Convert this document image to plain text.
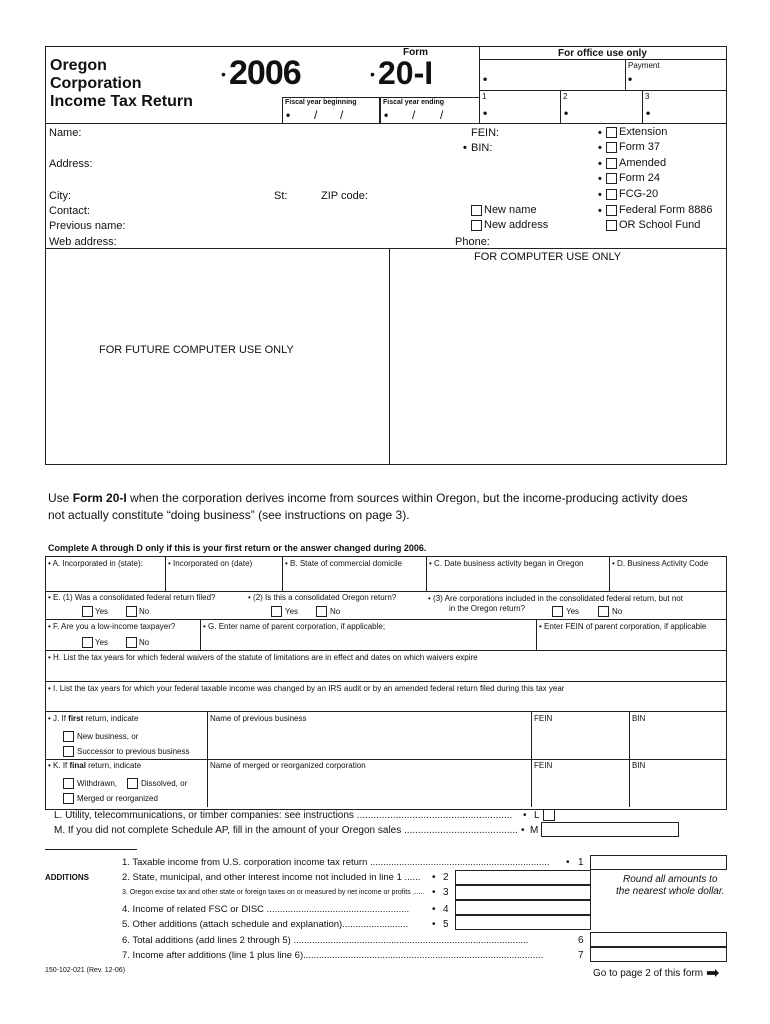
Oregon
Corporation
Income Tax Return
• 2006
Form
• 20-I
Fiscal year beginning
• / /
Fiscal year ending
• / /
For office use only
Payment
•	•
1	2	3
•	•	•
Name:
Address:
City:	St:	ZIP code:
Contact:
Previous name:
Web address:
FEIN:
• BIN:
Phone:
New name
New address
• Extension
• Form 37
• Amended
• Form 24
• FCG-20
• Federal Form 8886
OR School Fund
FOR COMPUTER USE ONLY
FOR FUTURE COMPUTER USE ONLY
Use Form 20-I when the corporation derives income from sources within Oregon, but the income-producing activity does
not actually constitute “doing business” (see instructions on page 3).
Complete A through D only if this is your first return or the answer changed during 2006.
• A. Incorporated in (state):	• Incorporated on (date)	• B. State of commercial domicile	• C. Date business activity began in Oregon	• D. Business Activity Code
• E. (1) Was a consolidated federal return filed?	• (2) Is this a consolidated Oregon return?	• (3) Are corporations included in the consolidated federal return, but not
in the Oregon return?
Yes	No	Yes	No	Yes	No
• F. Are you a low-income taxpayer?	• G. Enter name of parent corporation, if applicable;	• Enter FEIN of parent corporation, if applicable
Yes	No
• H. List the tax years for which federal waivers of the statute of limitations are in effect and dates on which waivers expire
• I. List the tax years for which your federal taxable income was changed by an IRS audit or by an amended federal return filed during this tax year
• J. If first return, indicate	Name of previous business	FEIN	BIN
New business, or
Successor to previous business
• K. If final return, indicate	Name of merged or reorganized corporation	FEIN	BIN
Withdrawn,	Dissolved, or
Merged or reorganized
L. Utility, telecommunications, or timber companies: see instructions ........................................................ • L
M. If you did not complete Schedule AP, fill in the amount of your Oregon sales ......................................... • M
1. Taxable income from U.S. corporation income tax return .................................................................... • 1
ADDITIONS	2. State, municipal, and other interest income not included in line 1 ...... • 2
3. Oregon excise tax and other state or foreign taxes on or measured by net income or profits ...... • 3
4. Income of related FSC or DISC ...................................................... • 4
5. Other additions (attach schedule and explanation)......................... • 5
6. Total additions (add lines 2 through 5) .........................................................................................	6
7. Income after additions (line 1 plus line 6)...........................................................................................	7
Round all amounts to
the nearest whole dollar.
150-102-021 (Rev. 12-06)	Go to page 2 of this form ➡
